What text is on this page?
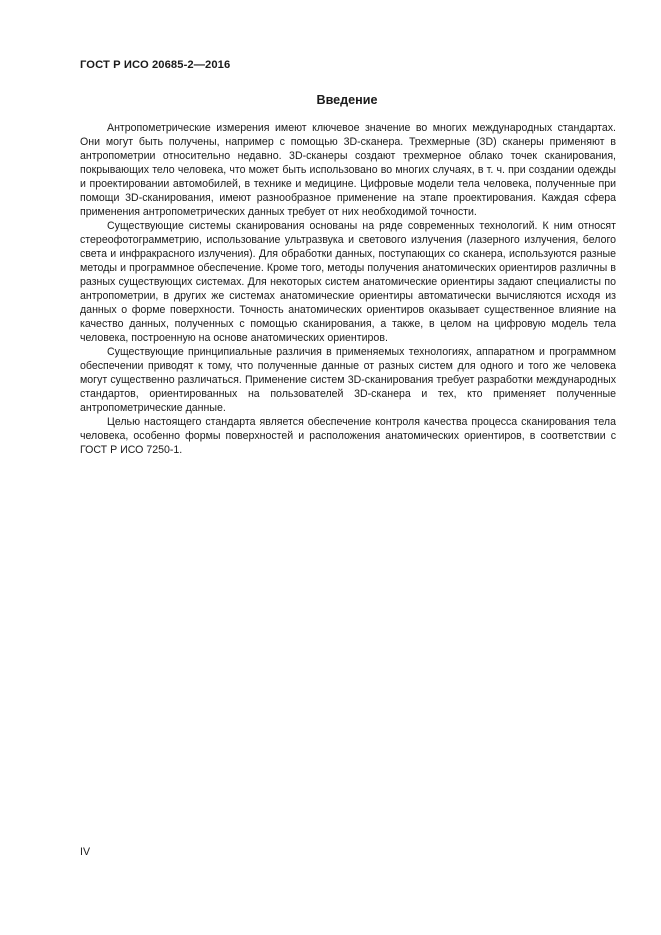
ГОСТ Р ИСО 20685-2—2016
Введение

Антропометрические измерения имеют ключевое значение во многих международных стандартах. Они могут быть получены, например с помощью 3D-сканера. Трехмерные (3D) сканеры применяют в антропометрии относительно недавно. 3D-сканеры создают трехмерное облако точек сканирования, покрывающих тело человека, что может быть использовано во многих случаях, в т. ч. при создании одежды и проектировании автомобилей, в технике и медицине. Цифровые модели тела человека, полученные при помощи 3D-сканирования, имеют разнообразное применение на этапе проектирования. Каждая сфера применения антропометрических данных требует от них необходимой точности.

Существующие системы сканирования основаны на ряде современных технологий. К ним относят стереофотограмметрию, использование ультразвука и светового излучения (лазерного излучения, белого света и инфракрасного излучения). Для обработки данных, поступающих со сканера, используются разные методы и программное обеспечение. Кроме того, методы получения анатомических ориентиров различны в разных существующих системах. Для некоторых систем анатомические ориентиры задают специалисты по антропометрии, в других же системах анатомические ориентиры автоматически вычисляются исходя из данных о форме поверхности. Точность анатомических ориентиров оказывает существенное влияние на качество данных, полученных с помощью сканирования, а также, в целом на цифровую модель тела человека, построенную на основе анатомических ориентиров.

Существующие принципиальные различия в применяемых технологиях, аппаратном и программном обеспечении приводят к тому, что полученные данные от разных систем для одного и того же человека могут существенно различаться. Применение систем 3D-сканирования требует разработки международных стандартов, ориентированных на пользователей 3D-сканера и тех, кто применяет полученные антропометрические данные.

Целью настоящего стандарта является обеспечение контроля качества процесса сканирования тела человека, особенно формы поверхностей и расположения анатомических ориентиров, в соответствии с ГОСТ Р ИСО 7250-1.

IV
